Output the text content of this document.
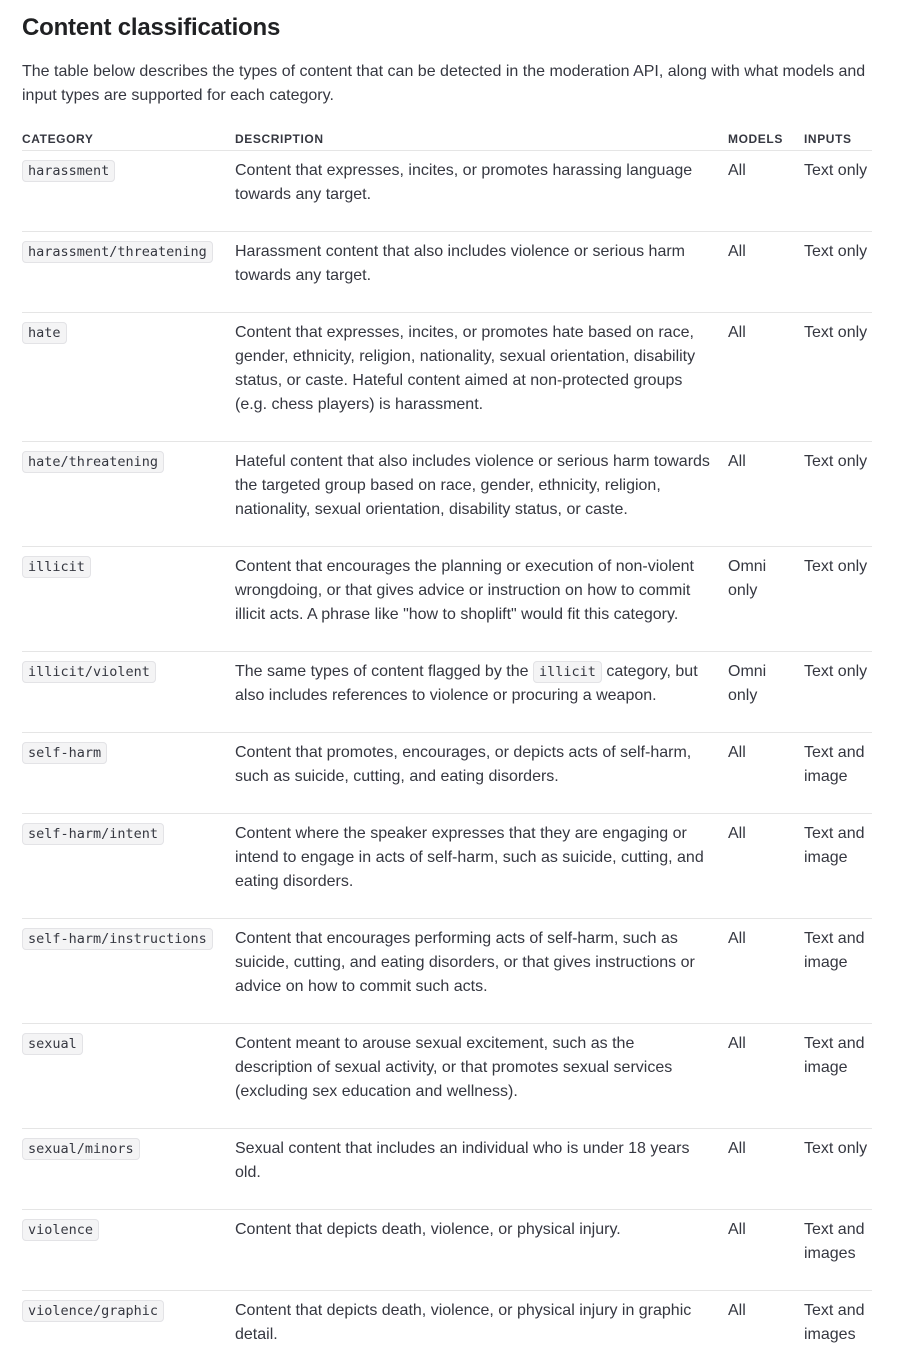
Content classifications

The table below describes the types of content that can be detected in the moderation API, along with what models and input types are supported for each category.

CATEGORY	DESCRIPTION	MODELS	INPUTS
harassment	Content that expresses, incites, or promotes harassing language towards any target.	All	Text only
harassment/threatening	Harassment content that also includes violence or serious harm towards any target.	All	Text only
hate	Content that expresses, incites, or promotes hate based on race, gender, ethnicity, religion, nationality, sexual orientation, disability status, or caste. Hateful content aimed at non-protected groups (e.g. chess players) is harassment.	All	Text only
hate/threatening	Hateful content that also includes violence or serious harm towards the targeted group based on race, gender, ethnicity, religion, nationality, sexual orientation, disability status, or caste.	All	Text only
illicit	Content that encourages the planning or execution of non-violent wrongdoing, or that gives advice or instruction on how to commit illicit acts. A phrase like "how to shoplift" would fit this category.	Omni only	Text only
illicit/violent	The same types of content flagged by the illicit category, but also includes references to violence or procuring a weapon.	Omni only	Text only
self-harm	Content that promotes, encourages, or depicts acts of self-harm, such as suicide, cutting, and eating disorders.	All	Text and image
self-harm/intent	Content where the speaker expresses that they are engaging or intend to engage in acts of self-harm, such as suicide, cutting, and eating disorders.	All	Text and image
self-harm/instructions	Content that encourages performing acts of self-harm, such as suicide, cutting, and eating disorders, or that gives instructions or advice on how to commit such acts.	All	Text and image
sexual	Content meant to arouse sexual excitement, such as the description of sexual activity, or that promotes sexual services (excluding sex education and wellness).	All	Text and image
sexual/minors	Sexual content that includes an individual who is under 18 years old.	All	Text only
violence	Content that depicts death, violence, or physical injury.	All	Text and images
violence/graphic	Content that depicts death, violence, or physical injury in graphic detail.	All	Text and images
